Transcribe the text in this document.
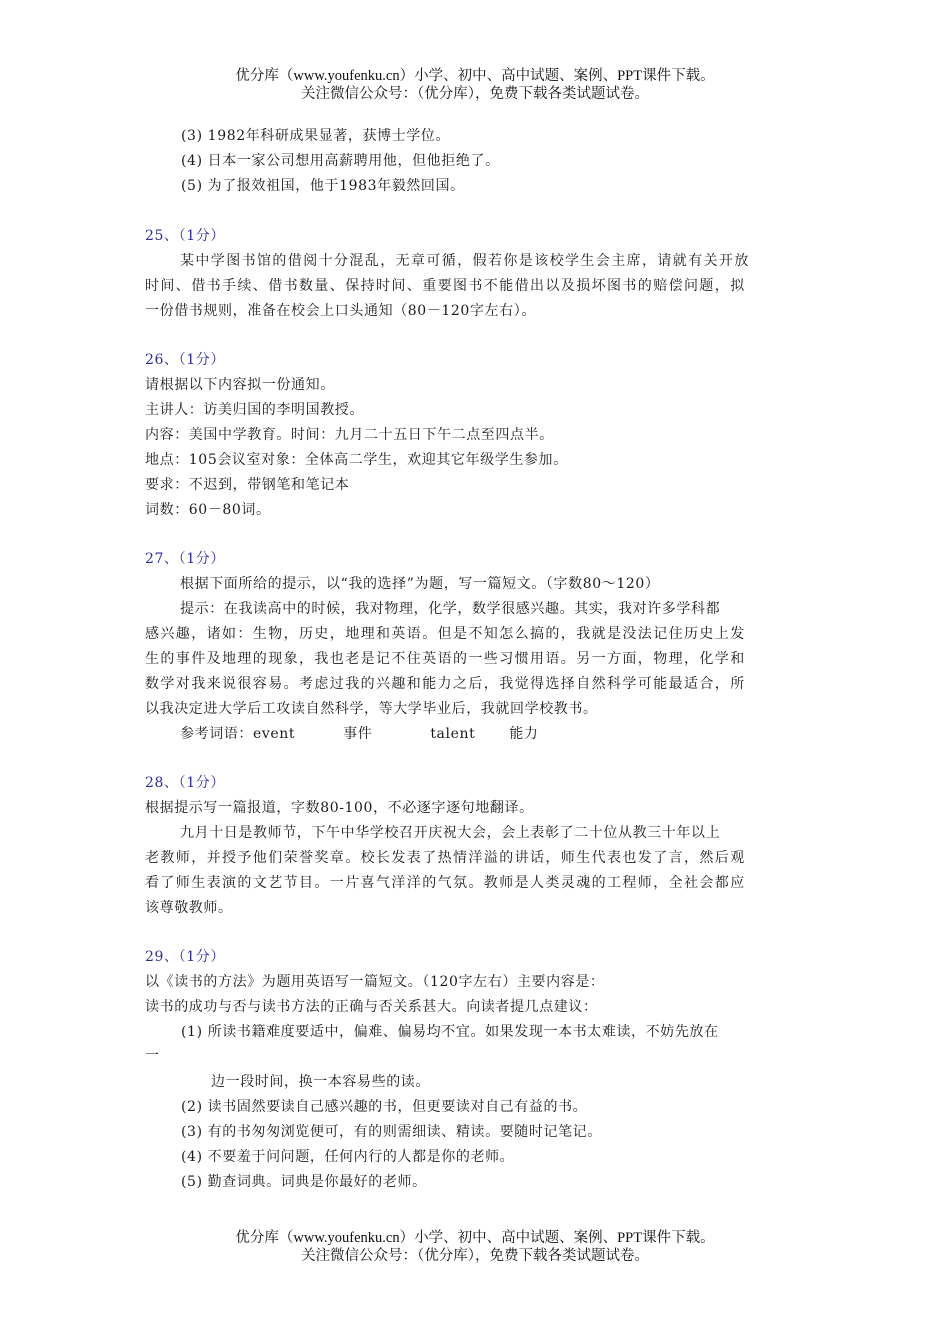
优分库（www.youfenku.cn）小学、初中、高中试题、案例、PPT课件下载。
关注微信公众号：（优分库），免费下载各类试题试卷。
(3) 1982年科研成果显著，获博士学位。
(4) 日本一家公司想用高薪聘用他，但他拒绝了。
(5) 为了报效祖国，他于1983年毅然回国。
25、（1分）
某中学图书馆的借阅十分混乱，无章可循，假若你是该校学生会主席，请就有关开放
时间、借书手续、借书数量、保持时间、重要图书不能借出以及损坏图书的赔偿问题，拟
一份借书规则，准备在校会上口头通知（80－120字左右）。
26、（1分）
请根据以下内容拟一份通知。
主讲人：访美归国的李明国教授。
内容：美国中学教育。时间：九月二十五日下午二点至四点半。
地点：105会议室对象：全体高二学生，欢迎其它年级学生参加。
要求：不迟到，带钢笔和笔记本
词数：60－80词。
27、（1分）
根据下面所给的提示，以“我的选择”为题，写一篇短文。（字数80～120）
提示：在我读高中的时候，我对物理，化学，数学很感兴趣。其实，我对许多学科都
感兴趣，诸如：生物，历史，地理和英语。但是不知怎么搞的，我就是没法记住历史上发
生的事件及地理的现象，我也老是记不住英语的一些习惯用语。另一方面，物理，化学和
数学对我来说很容易。考虑过我的兴趣和能力之后，我觉得选择自然科学可能最适合，所
以我决定进大学后工攻读自然科学，等大学毕业后，我就回学校教书。
参考词语：event	事件	talent 能力
28、（1分）
根据提示写一篇报道，字数80-100，不必逐字逐句地翻译。
九月十日是教师节，下午中华学校召开庆祝大会，会上表彰了二十位从教三十年以上
老教师，并授予他们荣誉奖章。校长发表了热情洋溢的讲话，师生代表也发了言，然后观
看了师生表演的文艺节目。一片喜气洋洋的气氛。教师是人类灵魂的工程师，全社会都应
该尊敬教师。
29、（1分）
以《读书的方法》为题用英语写一篇短文。（120字左右）主要内容是：
读书的成功与否与读书方法的正确与否关系甚大。向读者提几点建议：
(1) 所读书籍难度要适中，偏难、偏易均不宜。如果发现一本书太难读，不妨先放在
一
边一段时间，换一本容易些的读。
(2) 读书固然要读自己感兴趣的书，但更要读对自己有益的书。
(3) 有的书匆匆浏览便可，有的则需细读、精读。要随时记笔记。
(4) 不要羞于问问题，任何内行的人都是你的老师。
(5) 勤查词典。词典是你最好的老师。
优分库（www.youfenku.cn）小学、初中、高中试题、案例、PPT课件下载。
关注微信公众号：（优分库），免费下载各类试题试卷。
